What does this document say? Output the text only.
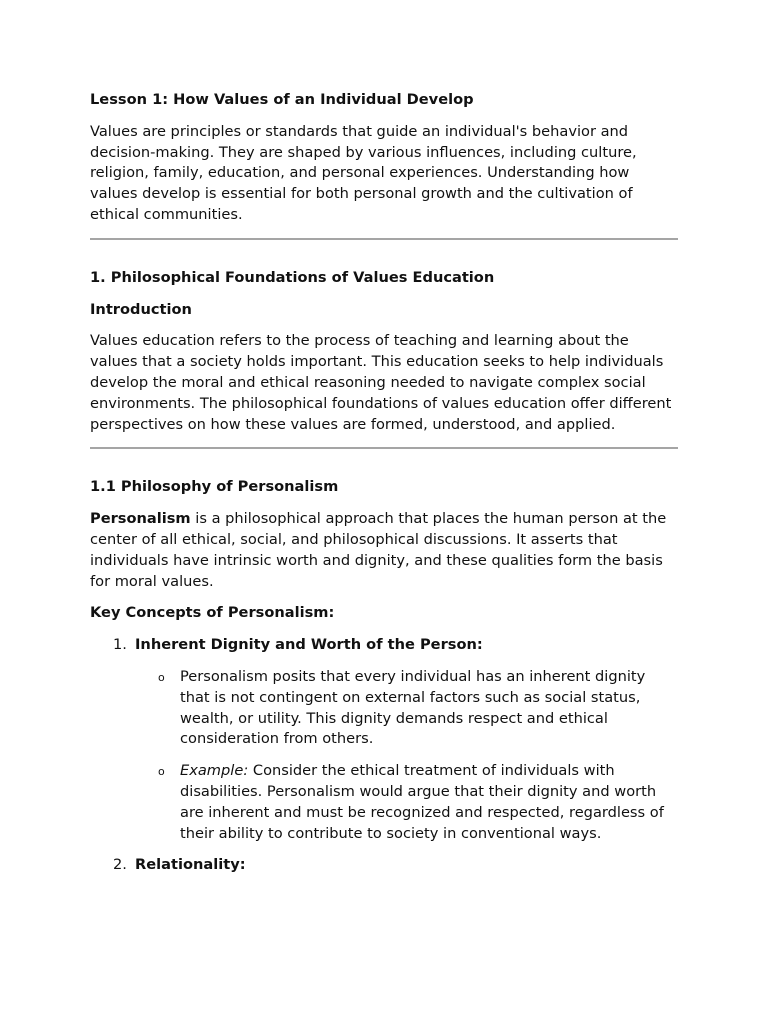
Lesson 1: How Values of an Individual Develop

Values are principles or standards that guide an individual's behavior and decision-making. They are shaped by various influences, including culture, religion, family, education, and personal experiences. Understanding how values develop is essential for both personal growth and the cultivation of ethical communities.

1. Philosophical Foundations of Values Education

Introduction

Values education refers to the process of teaching and learning about the values that a society holds important. This education seeks to help individuals develop the moral and ethical reasoning needed to navigate complex social environments. The philosophical foundations of values education offer different perspectives on how these values are formed, understood, and applied.

1.1 Philosophy of Personalism

Personalism is a philosophical approach that places the human person at the center of all ethical, social, and philosophical discussions. It asserts that individuals have intrinsic worth and dignity, and these qualities form the basis for moral values.

Key Concepts of Personalism:

1. Inherent Dignity and Worth of the Person:
o Personalism posits that every individual has an inherent dignity that is not contingent on external factors such as social status, wealth, or utility. This dignity demands respect and ethical consideration from others.
o Example: Consider the ethical treatment of individuals with disabilities. Personalism would argue that their dignity and worth are inherent and must be recognized and respected, regardless of their ability to contribute to society in conventional ways.
2. Relationality:
